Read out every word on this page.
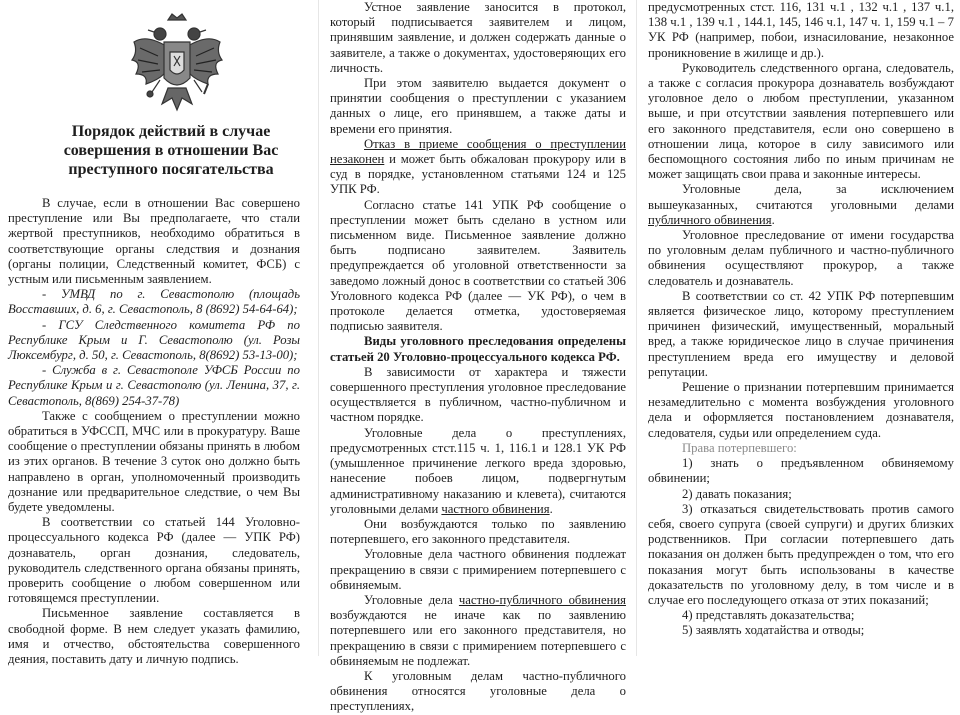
Порядок действий в случае совершения в отношении Вас преступного посягательства

В случае, если в отношении Вас совершено преступление или Вы предполагаете, что стали жертвой преступников, необходимо обратиться в соответствующие органы следствия и дознания (органы полиции, Следственный комитет, ФСБ) с устным или письменным заявлением.

- УМВД по г. Севастополю (площадь Восставших, д. 6, г. Севастополь, 8 (8692) 54-64-64);

- ГСУ Следственного комитета РФ по Республике Крым и Г. Севастополю (ул. Розы Люксембург, д. 50, г. Севастополь, 8(8692) 53-13-00);

- Служба в г. Севастополе УФСБ России по Республике Крым и г. Севастополю (ул. Ленина, 37, г. Севастополь, 8(869) 254-37-78)

Также с сообщением о преступлении можно обратиться в УФССП, МЧС или в прокуратуру. Ваше сообщение о преступлении обязаны принять в любом из этих органов. В течение 3 суток оно должно быть направлено в орган, уполномоченный производить дознание или предварительное следствие, о чем Вы будете уведомлены.

В соответствии со статьей 144 Уголовно-процессуального кодекса РФ (далее — УПК РФ) дознаватель, орган дознания, следователь, руководитель следственного органа обязаны принять, проверить сообщение о любом совершенном или готовящемся преступлении.

Письменное заявление составляется в свободной форме. В нем следует указать фамилию, имя и отчество, обстоятельства совершенного деяния, поставить дату и личную подпись.

Устное заявление заносится в протокол, который подписывается заявителем и лицом, принявшим заявление, и должен содержать данные о заявителе, а также о документах, удостоверяющих его личность.

При этом заявителю выдается документ о принятии сообщения о преступлении с указанием данных о лице, его принявшем, а также даты и времени его принятия.

Отказ в приеме сообщения о преступлении незаконен и может быть обжалован прокурору или в суд в порядке, установленном статьями 124 и 125 УПК РФ.

Согласно статье 141 УПК РФ сообщение о преступлении может быть сделано в устном или письменном виде. Письменное заявление должно быть подписано заявителем. Заявитель предупреждается об уголовной ответственности за заведомо ложный донос в соответствии со статьей 306 Уголовного кодекса РФ (далее — УК РФ), о чем в протоколе делается отметка, удостоверяемая подписью заявителя.

Виды уголовного преследования определены статьей 20 Уголовно-процессуального кодекса РФ.

В зависимости от характера и тяжести совершенного преступления уголовное преследование осуществляется в публичном, частно-публичном и частном порядке.

Уголовные дела о преступлениях, предусмотренных стст.115 ч. 1, 116.1 и 128.1 УК РФ (умышленное причинение легкого вреда здоровью, нанесение побоев лицом, подвергнутым административному наказанию и клевета), считаются уголовными делами частного обвинения.

Они возбуждаются только по заявлению потерпевшего, его законного представителя.

Уголовные дела частного обвинения подлежат прекращению в связи с примирением потерпевшего с обвиняемым.

Уголовные дела частно-публичного обвинения возбуждаются не иначе как по заявлению потерпевшего или его законного представителя, но прекращению в связи с примирением потерпевшего с обвиняемым не подлежат.

К уголовным делам частно-публичного обвинения относятся уголовные дела о преступлениях,

предусмотренных стст. 116, 131 ч.1 , 132 ч.1 , 137 ч.1, 138 ч.1 , 139 ч.1 , 144.1, 145, 146 ч.1, 147 ч. 1, 159 ч.1 – 7 УК РФ (например, побои, изнасилование, незаконное проникновение в жилище и др.).

Руководитель следственного органа, следователь, а также с согласия прокурора дознаватель возбуждают уголовное дело о любом преступлении, указанном выше, и при отсутствии заявления потерпевшего или его законного представителя, если оно совершено в отношении лица, которое в силу зависимого или беспомощного состояния либо по иным причинам не может защищать свои права и законные интересы.

Уголовные дела, за исключением вышеуказанных, считаются уголовными делами публичного обвинения.

Уголовное преследование от имени государства по уголовным делам публичного и частно-публичного обвинения осуществляют прокурор, а также следователь и дознаватель.

В соответствии со ст. 42 УПК РФ потерпевшим является физическое лицо, которому преступлением причинен физический, имущественный, моральный вред, а также юридическое лицо в случае причинения преступлением вреда его имуществу и деловой репутации.

Решение о признании потерпевшим принимается незамедлительно с момента возбуждения уголовного дела и оформляется постановлением дознавателя, следователя, судьи или определением суда.

Права потерпевшего:

1) знать о предъявленном обвиняемому обвинении;

2) давать показания;

3) отказаться свидетельствовать против самого себя, своего супруга (своей супруги) и других близких родственников. При согласии потерпевшего дать показания он должен быть предупрежден о том, что его показания могут быть использованы в качестве доказательств по уголовному делу, в том числе и в случае его последующего отказа от этих показаний;

4) представлять доказательства;

5) заявлять ходатайства и отводы;
